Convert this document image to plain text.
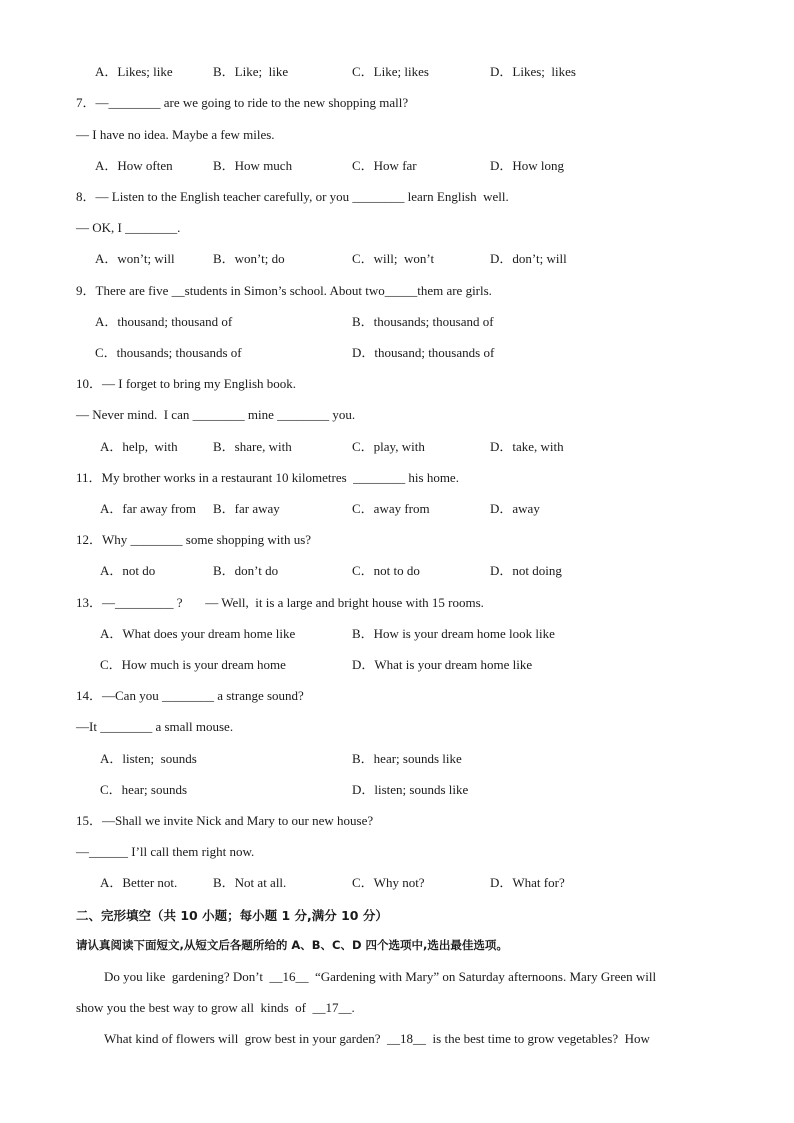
A．Likes; like	B．Like;  like	C．Like; likes	D．Likes;  likes
7．—________ are we going to ride to the new shopping mall?
— I have no idea. Maybe a few miles.
A．How often	B．How much	C．How far	D．How long
8．— Listen to the English teacher carefully, or you ________ learn English  well.
— OK, I ________.
A．won’t; will	B．won’t; do	C．will;  won’t	D．don’t; will
9．There are five __students in Simon’s school. About two_____them are girls.
A．thousand; thousand of	B．thousands; thousand of
C．thousands; thousands of	D．thousand; thousands of
10．— I forget to bring my English book.
— Never mind.  I can ________ mine ________ you.
A．help,  with	B．share, with	C．play, with	D．take, with
11．My brother works in a restaurant 10 kilometres  ________ his home.
A．far away from B．far away	C．away from	D．away
12．Why ________ some shopping with us?
A．not do	B．don’t do	C．not to do	D．not doing
13．—_________ ?       — Well,  it is a large and bright house with 15 rooms.
A．What does your dream home like	B．How is your dream home look like
C．How much is your dream home	D．What is your dream home like
14．—Can you ________ a strange sound?
—It ________ a small mouse.
A．listen;  sounds	B．hear; sounds like
C．hear; sounds	D．listen; sounds like
15．—Shall we invite Nick and Mary to our new house?
—______ I’ll call them right now.
A．Better not.	B．Not at all.	C．Why not?	D．What for?
二、完形填空（共 10 小题；每小题 1 分,满分 10 分）
请认真阅读下面短文,从短文后各题所给的 A、B、C、D 四个选项中,选出最佳选项。
Do you like  gardening? Don’t  __16__  “Gardening with Mary” on Saturday afternoons. Mary Green will
show you the best way to grow all  kinds  of  __17__.
What kind of flowers will  grow best in your garden?  __18__  is the best time to grow vegetables?  How
